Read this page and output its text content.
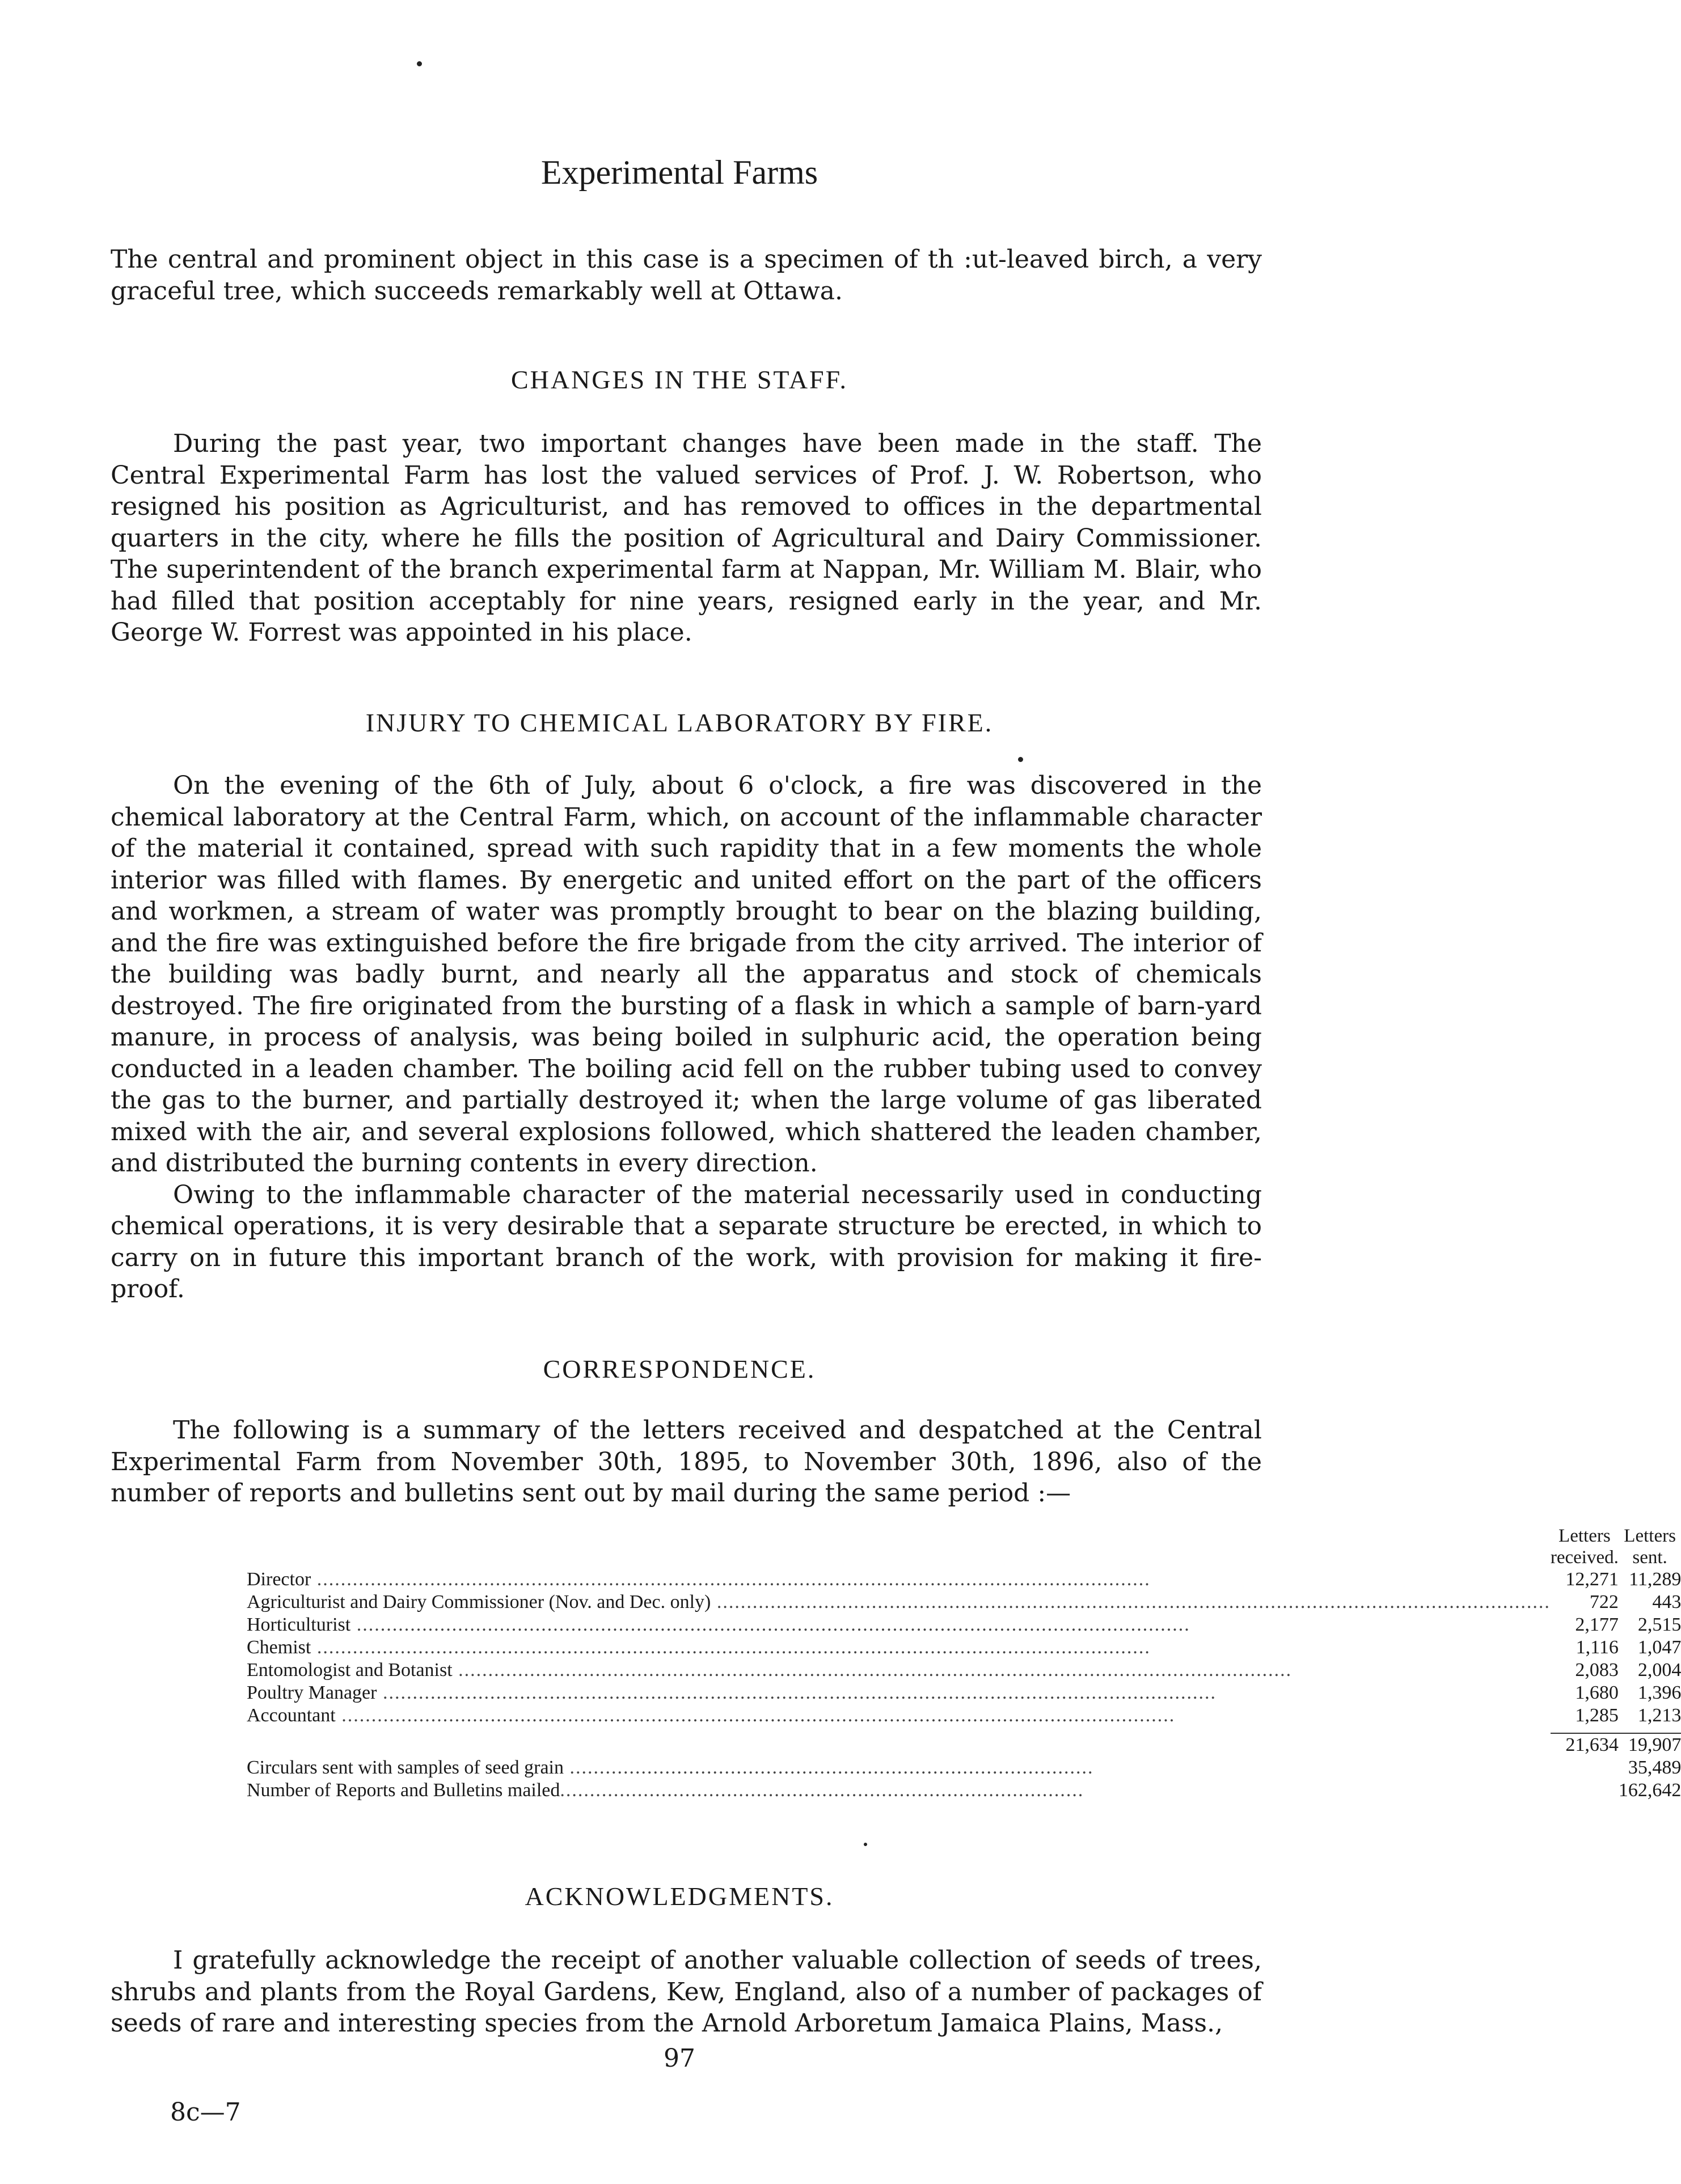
Experimental Farms

The central and prominent object in this case is a specimen of th :ut-leaved birch, a very graceful tree, which succeeds remarkably well at Ottawa.

CHANGES IN THE STAFF.

During the past year, two important changes have been made in the staff. The Central Experimental Farm has lost the valued services of Prof. J. W. Robertson, who resigned his position as Agriculturist, and has removed to offices in the departmental quarters in the city, where he fills the position of Agricultural and Dairy Commissioner. The superintendent of the branch experimental farm at Nappan, Mr. William M. Blair, who had filled that position acceptably for nine years, resigned early in the year, and Mr. George W. Forrest was appointed in his place.

INJURY TO CHEMICAL LABORATORY BY FIRE.

On the evening of the 6th of July, about 6 o'clock, a fire was discovered in the chemical laboratory at the Central Farm, which, on account of the inflammable character of the material it contained, spread with such rapidity that in a few moments the whole interior was filled with flames. By energetic and united effort on the part of the officers and workmen, a stream of water was promptly brought to bear on the blazing building, and the fire was extinguished before the fire brigade from the city arrived. The interior of the building was badly burnt, and nearly all the apparatus and stock of chemicals destroyed. The fire originated from the bursting of a flask in which a sample of barn-yard manure, in process of analysis, was being boiled in sulphuric acid, the operation being conducted in a leaden chamber. The boiling acid fell on the rubber tubing used to convey the gas to the burner, and partially destroyed it; when the large volume of gas liberated mixed with the air, and several explosions followed, which shattered the leaden chamber, and distributed the burning contents in every direction.

Owing to the inflammable character of the material necessarily used in conducting chemical operations, it is very desirable that a separate structure be erected, in which to carry on in future this important branch of the work, with provision for making it fire-proof.

CORRESPONDENCE.

The following is a summary of the letters received and despatched at the Central Experimental Farm from November 30th, 1895, to November 30th, 1896, also of the number of reports and bulletins sent out by mail during the same period :—

	Letters received.	Letters sent.
Director ............................................................................................................................................	12,271	11,289
Agriculturist and Dairy Commissioner (Nov. and Dec. only) ............................................................................................................................................	722	443
Horticulturist ............................................................................................................................................	2,177	2,515
Chemist ............................................................................................................................................	1,116	1,047
Entomologist and Botanist ............................................................................................................................................	2,083	2,004
Poultry Manager ............................................................................................................................................	1,680	1,396
Accountant ............................................................................................................................................	1,285	1,213

	21,634	19,907
Circulars sent with samples of seed grain ........................................................................................		35,489
Number of Reports and Bulletins mailed........................................................................................		162,642
ACKNOWLEDGMENTS.

I gratefully acknowledge the receipt of another valuable collection of seeds of trees, shrubs and plants from the Royal Gardens, Kew, England, also of a number of packages of seeds of rare and interesting species from the Arnold Arboretum Jamaica Plains, Mass.,

97
8c—7
